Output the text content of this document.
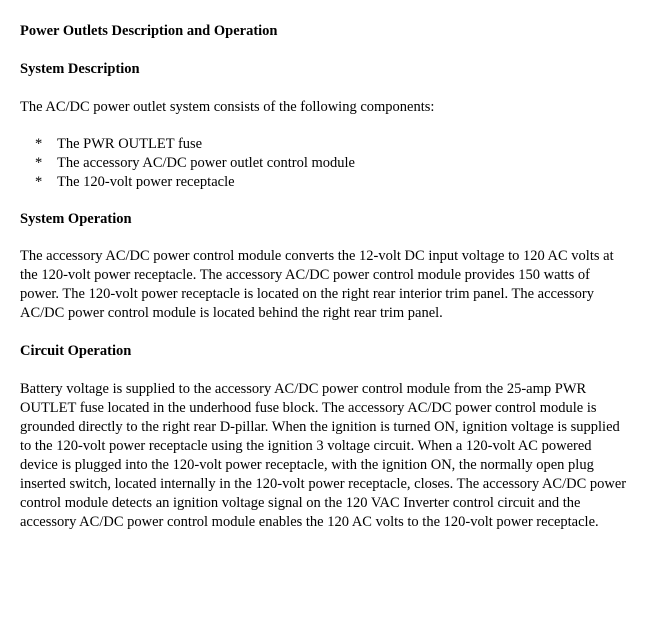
Power Outlets Description and Operation

System Description

The AC/DC power outlet system consists of the following components:

*	The PWR OUTLET fuse
*	The accessory AC/DC power outlet control module
*	The 120-volt power receptacle

System Operation

The accessory AC/DC power control module converts the 12-volt DC input voltage to 120 AC volts at the 120-volt power receptacle. The accessory AC/DC power control module provides 150 watts of power. The 120-volt power receptacle is located on the right rear interior trim panel. The accessory AC/DC power control module is located behind the right rear trim panel.

Circuit Operation

Battery voltage is supplied to the accessory AC/DC power control module from the 25-amp PWR OUTLET fuse located in the underhood fuse block. The accessory AC/DC power control module is grounded directly to the right rear D-pillar. When the ignition is turned ON, ignition voltage is supplied to the 120-volt power receptacle using the ignition 3 voltage circuit. When a 120-volt AC powered device is plugged into the 120-volt power receptacle, with the ignition ON, the normally open plug inserted switch, located internally in the 120-volt power receptacle, closes. The accessory AC/DC power control module detects an ignition voltage signal on the 120 VAC Inverter control circuit and the accessory AC/DC power control module enables the 120 AC volts to the 120-volt power receptacle.
